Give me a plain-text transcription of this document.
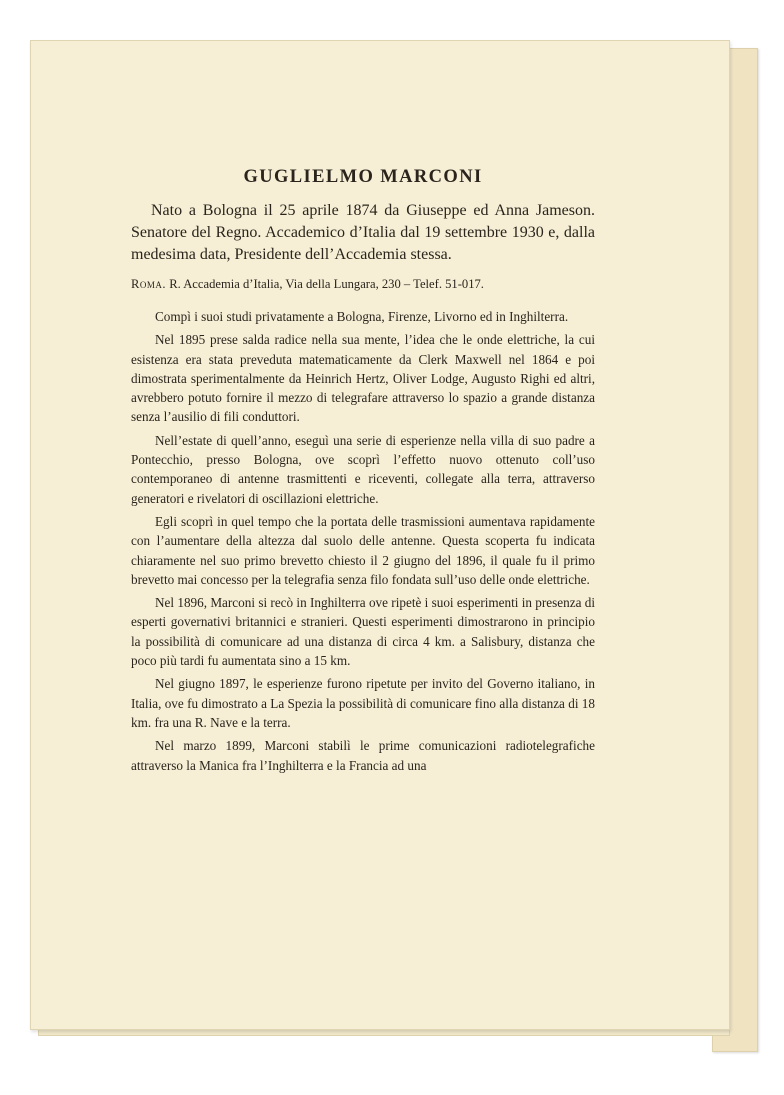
GUGLIELMO MARCONI

Nato a Bologna il 25 aprile 1874 da Giuseppe ed Anna Jameson. Senatore del Regno. Accademico d’Italia dal 19 settembre 1930 e, dalla medesima data, Presidente dell’Accademia stessa.

Roma. R. Accademia d’Italia, Via della Lungara, 230 – Telef. 51-017.

Compì i suoi studi privatamente a Bologna, Firenze, Livorno ed in Inghilterra.

Nel 1895 prese salda radice nella sua mente, l’idea che le onde elettriche, la cui esistenza era stata preveduta matematicamente da Clerk Maxwell nel 1864 e poi dimostrata sperimentalmente da Heinrich Hertz, Oliver Lodge, Augusto Righi ed altri, avrebbero potuto fornire il mezzo di telegrafare attraverso lo spazio a grande distanza senza l’ausilio di fili conduttori.

Nell’estate di quell’anno, eseguì una serie di esperienze nella villa di suo padre a Pontecchio, presso Bologna, ove scoprì l’effetto nuovo ottenuto coll’uso contemporaneo di antenne trasmittenti e riceventi, collegate alla terra, attraverso generatori e rivelatori di oscillazioni elettriche.

Egli scoprì in quel tempo che la portata delle trasmissioni aumentava rapidamente con l’aumentare della altezza dal suolo delle antenne. Questa scoperta fu indicata chiaramente nel suo primo brevetto chiesto il 2 giugno del 1896, il quale fu il primo brevetto mai concesso per la telegrafia senza filo fondata sull’uso delle onde elettriche.

Nel 1896, Marconi si recò in Inghilterra ove ripetè i suoi esperimenti in presenza di esperti governativi britannici e stranieri. Questi esperimenti dimostrarono in principio la possibilità di comunicare ad una distanza di circa 4 km. a Salisbury, distanza che poco più tardi fu aumentata sino a 15 km.

Nel giugno 1897, le esperienze furono ripetute per invito del Governo italiano, in Italia, ove fu dimostrato a La Spezia la possibilità di comunicare fino alla distanza di 18 km. fra una R. Nave e la terra.

Nel marzo 1899, Marconi stabilì le prime comunicazioni radiotelegrafiche attraverso la Manica fra l’Inghilterra e la Francia ad una
